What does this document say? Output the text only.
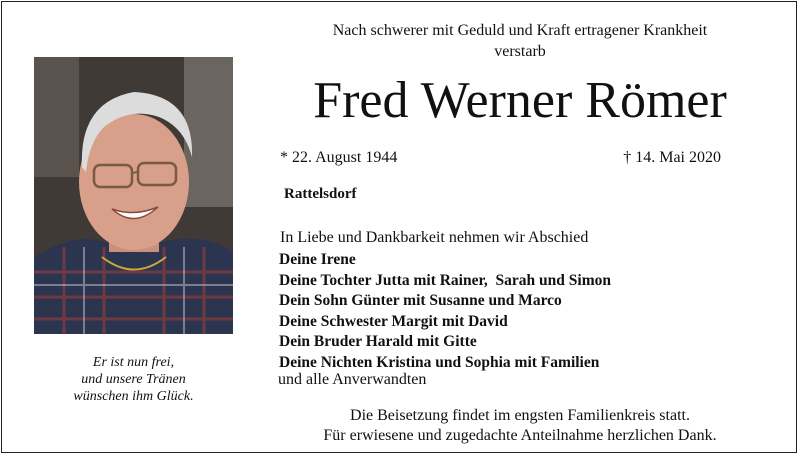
Er ist nun frei,
und unsere Tränen
wünschen ihm Glück.
Nach schwerer mit Geduld und Kraft ertragener Krankheit
verstarb
Fred Werner Römer
* 22. August 1944	† 14. Mai 2020
Rattelsdorf
In Liebe und Dankbarkeit nehmen wir Abschied
Deine Irene
Deine Tochter Jutta mit Rainer,  Sarah und Simon
Dein Sohn Günter mit Susanne und Marco
Deine Schwester Margit mit David
Dein Bruder Harald mit Gitte
Deine Nichten Kristina und Sophia mit Familien
und alle Anverwandten
Die Beisetzung findet im engsten Familienkreis statt.
Für erwiesene und zugedachte Anteilnahme herzlichen Dank.
